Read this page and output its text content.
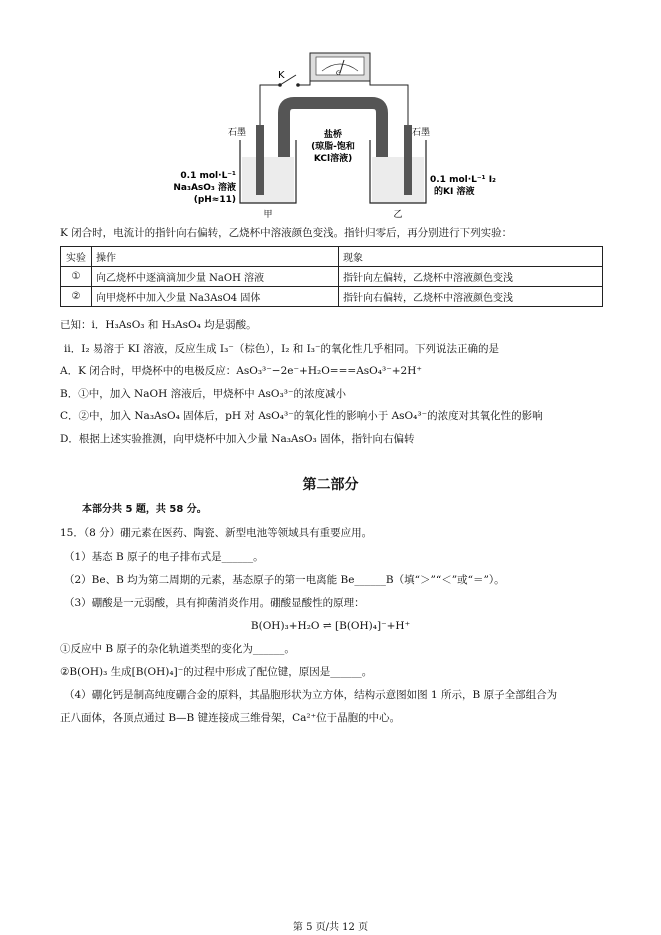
K	G
石墨	石墨
盐桥
(琼脂-饱和
KCl溶液)
0.1 mol·L⁻¹
Na₃AsO₃ 溶液
(pH≈11)
0.1 mol·L⁻¹ I₂
的KI 溶液
甲	乙
K 闭合时，电流计的指针向右偏转，乙烧杯中溶液颜色变浅。指针归零后，再分别进行下列实验：
实验	操作	现象
①	向乙烧杯中逐滴滴加少量 NaOH 溶液	指针向左偏转，乙烧杯中溶液颜色变浅
②	向甲烧杯中加入少量 Na3AsO4 固体	指针向右偏转，乙烧杯中溶液颜色变浅
已知：ⅰ．H₃AsO₃ 和 H₃AsO₄ 均是弱酸。
ⅱ．I₂ 易溶于 KI 溶液，反应生成 I₃⁻（棕色），I₂ 和 I₃⁻的氧化性几乎相同。下列说法正确的是
A．K 闭合时，甲烧杯中的电极反应：AsO₃³⁻−2e⁻+H₂O===AsO₄³⁻+2H⁺
B．①中，加入 NaOH 溶液后，甲烧杯中 AsO₃³⁻的浓度减小
C．②中，加入 Na₃AsO₄ 固体后，pH 对 AsO₄³⁻的氧化性的影响小于 AsO₄³⁻的浓度对其氧化性的影响
D．根据上述实验推测，向甲烧杯中加入少量 Na₃AsO₃ 固体，指针向右偏转
第二部分
本部分共 5 题，共 58 分。
15．（8 分）硼元素在医药、陶瓷、新型电池等领域具有重要应用。
（1）基态 B 原子的电子排布式是______。
（2）Be、B 均为第二周期的元素，基态原子的第一电离能 Be______B（填“＞”“＜”或“＝”）。
（3）硼酸是一元弱酸，具有抑菌消炎作用。硼酸显酸性的原理：
B(OH)₃+H₂O ⇌ [B(OH)₄]⁻+H⁺
①反应中 B 原子的杂化轨道类型的变化为______。
②B(OH)₃ 生成[B(OH)₄]⁻的过程中形成了配位键，原因是______。
（4）硼化钙是制高纯度硼合金的原料，其晶胞形状为立方体，结构示意图如图 1 所示，B 原子全部组合为
正八面体，各顶点通过 B—B 键连接成三维骨架，Ca²⁺位于晶胞的中心。
第 5 页/共 12 页
